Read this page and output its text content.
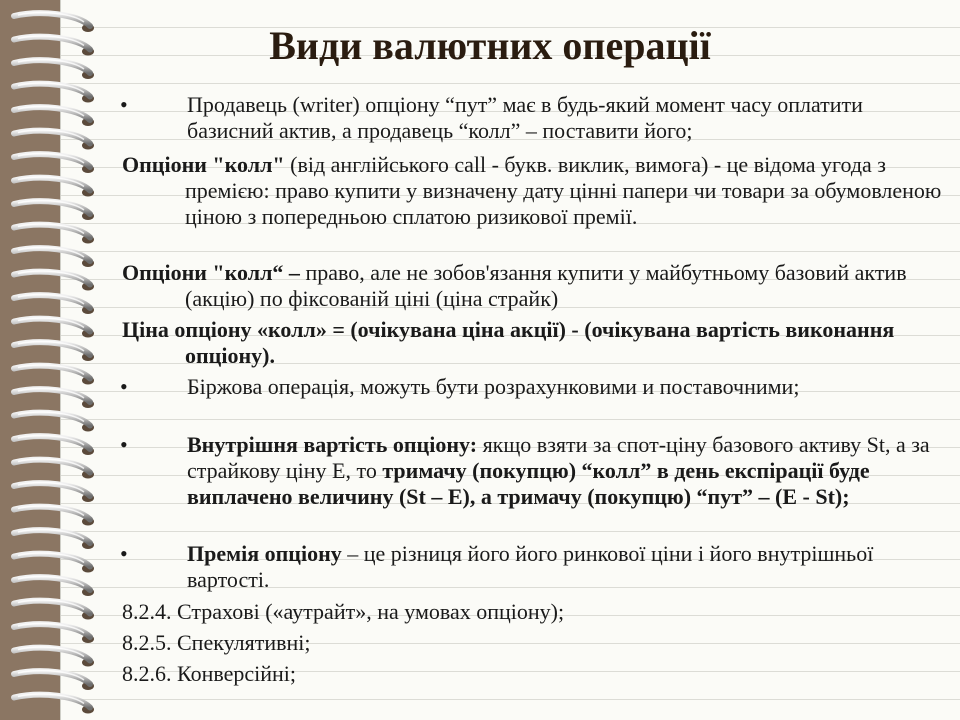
Види валютних операції
•	Продавець (writer) опціону “пут” має в будь-який момент часу оплатити базисний актив, а продавець “колл” – поставити його;

Опціони "колл" (від англійського call - букв. виклик, вимога) - це відома угода з премією: право купити у визначену дату цінні папери чи товари за обумовленою ціною з попередньою сплатою ризикової премії.

Опціони "колл“ – право, але не зобов'язання купити у майбутньому базовий актив (акцію) по фіксованій ціні (ціна страйк)

Ціна опціону «колл» = (очікувана ціна акції) - (очікувана вартість виконання опціону).

•	Біржова операція, можуть бути розрахунковими и поставочними;

•	Внутрішня вартість опціону: якщо взяти за спот-ціну базового активу St, а за страйкову ціну E, то тримачу (покупцю) “колл” в день експірації буде виплачено величину (St – E), а тримачу (покупцю) “пут” – (E - St);

•	Премія опціону – це різниця його його ринкової ціни і його внутрішньої вартості.

8.2.4. Страхові («аутрайт», на умовах опціону);

8.2.5. Спекулятивні;

8.2.6. Конверсійні;
